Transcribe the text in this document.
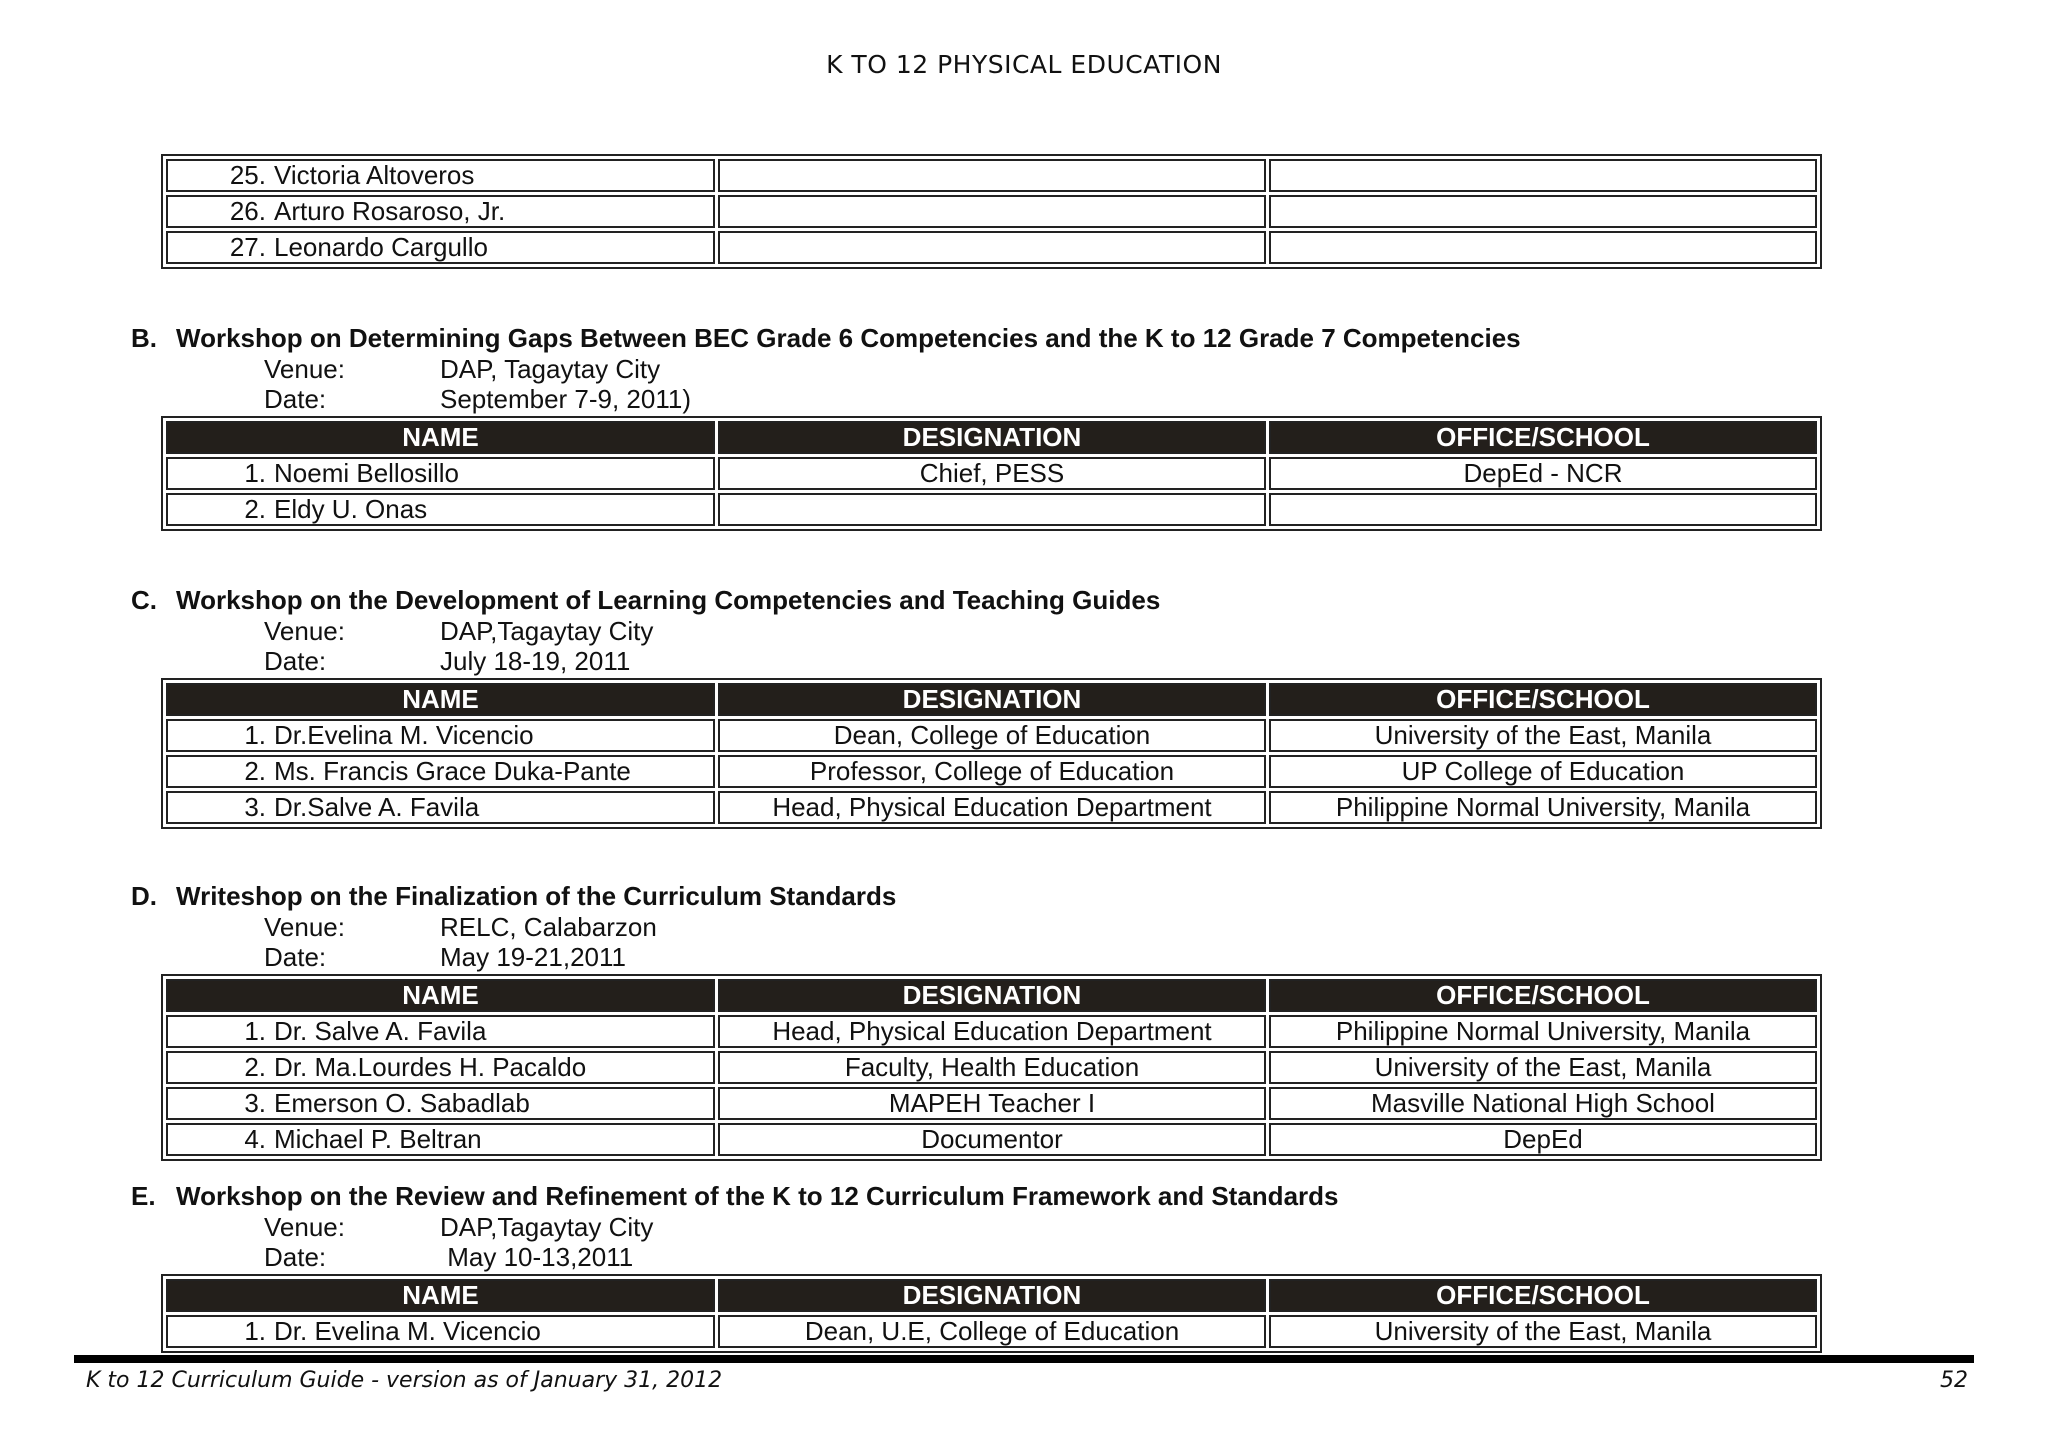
K TO 12 PHYSICAL EDUCATION
25. Victoria Altoveros		
26. Arturo Rosaroso, Jr.		
27. Leonardo Cargullo		
B. Workshop on Determining Gaps Between BEC Grade 6 Competencies and the K to 12 Grade 7 Competencies
Venue:	DAP, Tagaytay City
Date:	September 7-9, 2011)
NAME	DESIGNATION	OFFICE/SCHOOL
1. Noemi Bellosillo	Chief, PESS	DepEd - NCR
2. Eldy U. Onas		
C. Workshop on the Development of Learning Competencies and Teaching Guides
Venue:	DAP,Tagaytay City
Date:	July 18-19, 2011
NAME	DESIGNATION	OFFICE/SCHOOL
1. Dr.Evelina M. Vicencio	Dean, College of Education	University of the East, Manila
2. Ms. Francis Grace Duka-Pante	Professor, College of Education	UP College of Education
3. Dr.Salve A. Favila	Head, Physical Education Department	Philippine Normal University, Manila
D. Writeshop on the Finalization of the Curriculum Standards
Venue:	RELC, Calabarzon
Date:	May 19-21,2011
NAME	DESIGNATION	OFFICE/SCHOOL
1. Dr. Salve A. Favila	Head, Physical Education Department	Philippine Normal University, Manila
2. Dr. Ma.Lourdes H. Pacaldo	Faculty, Health Education	University of the East, Manila
3. Emerson O. Sabadlab	MAPEH Teacher I	Masville National High School
4. Michael P. Beltran	Documentor	DepEd
E. Workshop on the Review and Refinement of the K to 12 Curriculum Framework and Standards
Venue:	DAP,Tagaytay City
Date:	May 10-13,2011
NAME	DESIGNATION	OFFICE/SCHOOL
1. Dr. Evelina M. Vicencio	Dean, U.E, College of Education	University of the East, Manila
K to 12 Curriculum Guide - version as of January 31, 2012	52
